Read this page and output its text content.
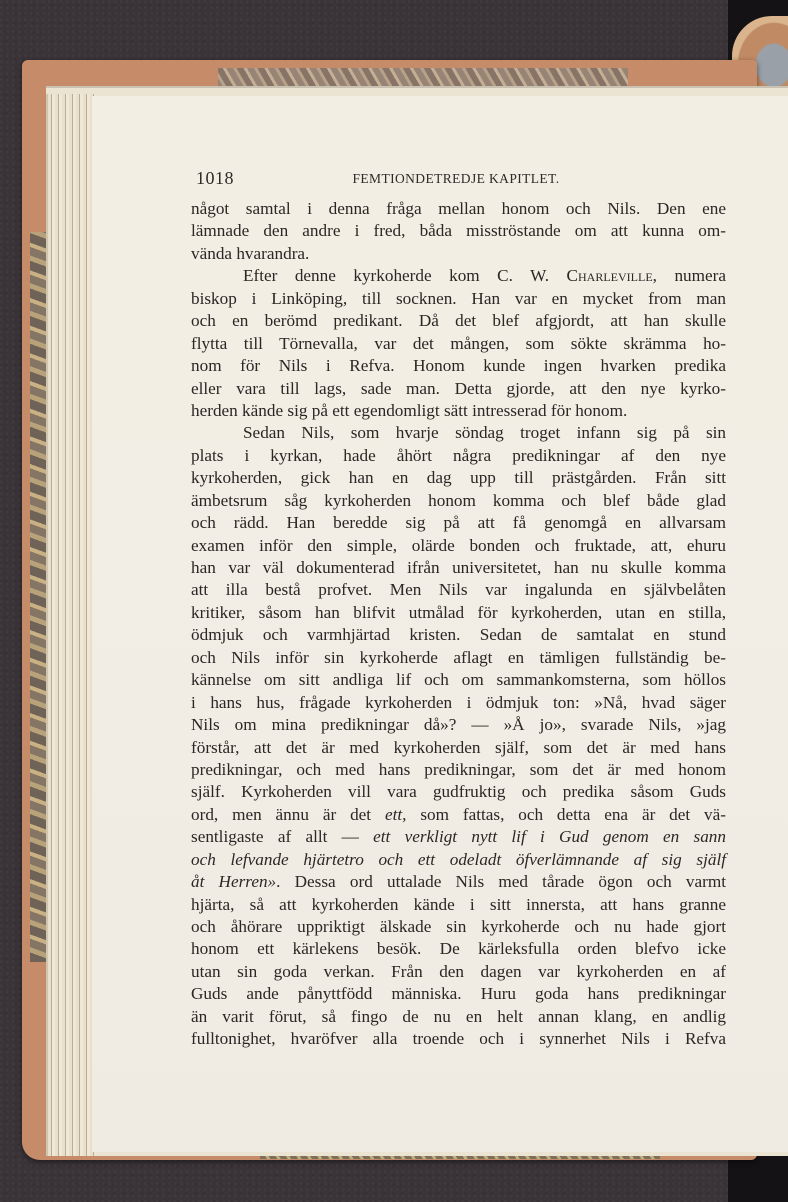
1018	FEMTIONDETREDJE KAPITLET.
något samtal i denna fråga mellan honom och Nils. Den ene
lämnade den andre i fred, båda misströstande om att kunna om-
vända hvarandra.
Efter denne kyrkoherde kom C. W. Charleville, numera
biskop i Linköping, till socknen. Han var en mycket from man
och en berömd predikant. Då det blef afgjordt, att han skulle
flytta till Törnevalla, var det mången, som sökte skrämma ho-
nom för Nils i Refva. Honom kunde ingen hvarken predika
eller vara till lags, sade man. Detta gjorde, att den nye kyrko-
herden kände sig på ett egendomligt sätt intresserad för honom.
Sedan Nils, som hvarje söndag troget infann sig på sin
plats i kyrkan, hade åhört några predikningar af den nye
kyrkoherden, gick han en dag upp till prästgården. Från sitt
ämbetsrum såg kyrkoherden honom komma och blef både glad
och rädd. Han beredde sig på att få genomgå en allvarsam
examen inför den simple, olärde bonden och fruktade, att, ehuru
han var väl dokumenterad ifrån universitetet, han nu skulle komma
att illa bestå profvet. Men Nils var ingalunda en självbelåten
kritiker, såsom han blifvit utmålad för kyrkoherden, utan en stilla,
ödmjuk och varmhjärtad kristen. Sedan de samtalat en stund
och Nils inför sin kyrkoherde aflagt en tämligen fullständig be-
kännelse om sitt andliga lif och om sammankomsterna, som höllos
i hans hus, frågade kyrkoherden i ödmjuk ton: »Nå, hvad säger
Nils om mina predikningar då»? — »Å jo», svarade Nils, »jag
förstår, att det är med kyrkoherden själf, som det är med hans
predikningar, och med hans predikningar, som det är med honom
själf. Kyrkoherden vill vara gudfruktig och predika såsom Guds
ord, men ännu är det ett, som fattas, och detta ena är det vä-
sentligaste af allt — ett verkligt nytt lif i Gud genom en sann
och lefvande hjärtetro och ett odeladt öfverlämnande af sig själf
åt Herren». Dessa ord uttalade Nils med tårade ögon och varmt
hjärta, så att kyrkoherden kände i sitt innersta, att hans granne
och åhörare uppriktigt älskade sin kyrkoherde och nu hade gjort
honom ett kärlekens besök. De kärleksfulla orden blefvo icke
utan sin goda verkan. Från den dagen var kyrkoherden en af
Guds ande pånyttfödd människa. Huru goda hans predikningar
än varit förut, så fingo de nu en helt annan klang, en andlig
fulltonighet, hvaröfver alla troende och i synnerhet Nils i Refva
